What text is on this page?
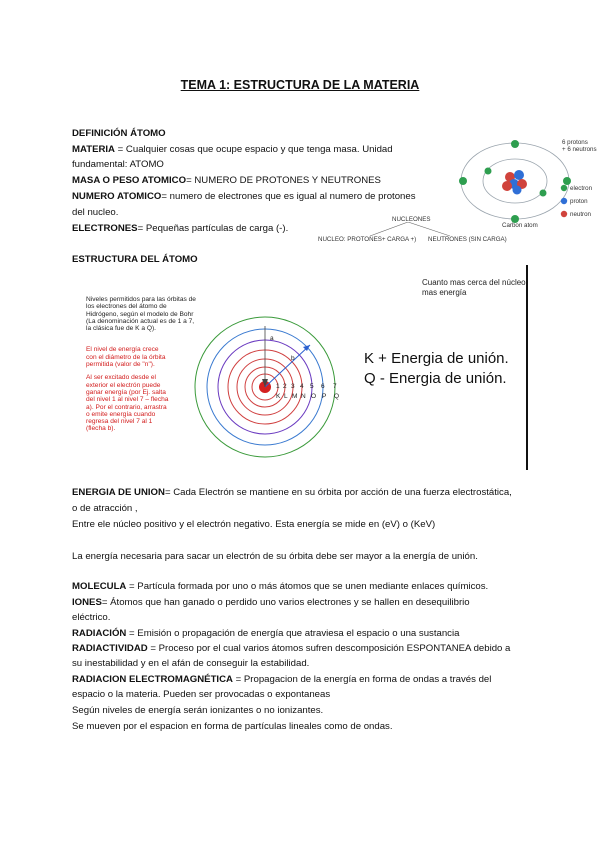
TEMA 1: ESTRUCTURA DE LA MATERIA
DEFINICIÓN ÁTOMO
MATERIA = Cualquier cosas que ocupe espacio y que tenga masa. Unidad
fundamental: ATOMO
MASA O PESO ATOMICO= NUMERO DE PROTONES Y NEUTRONES
NUMERO ATOMICO= numero de electrones que es igual al numero de protones
del nucleo.
ELECTRONES= Pequeñas partículas de carga (-).
NUCLEONES
NUCLEO: PROTONES+ CARGA +) NEUTRONES (SIN CARGA)
6 protons
+ 6 neutrons
electron
proton
neutron
Carbon atom
ESTRUCTURA DEL ÁTOMO
Niveles permitidos para las órbitas de
los electrones del átomo de
Hidrógeno, según el modelo de Bohr
(La denominación actual es de 1 a 7,
la clásica fue de K a Q).
El nivel de energía crece
con el diámetro de la órbita
permitida (valor de "n").
Al ser excitado desde el
exterior el electrón puede
ganar energía (por Ej. salta
del nivel 1 al nivel 7 – flecha
a). Por el contrario, arrastra
o emite energía cuando
regresa del nivel 7 al 1
(flecha b).
a
b
1 2 3 4 5 6 7
K L M N O P Q
Cuanto mas cerca del núcleo
mas energía
K + Energia de unión.
Q - Energia de unión.
ENERGIA DE UNION= Cada Electrón se mantiene en su órbita por acción de una fuerza electrostática,
o de atracción ,
Entre ele núcleo positivo y el electrón negativo. Esta energía se mide en (eV) o (KeV)
La energía necesaria para sacar un electrón de su órbita debe ser mayor a la energía de unión.
MOLECULA = Partícula formada por uno o más átomos que se unen mediante enlaces químicos.
IONES= Átomos que han ganado o perdido uno varios electrones y se hallen en desequilibrio
eléctrico.
RADIACIÓN = Emisión o propagación de energía que atraviesa el espacio o una sustancia
RADIACTIVIDAD = Proceso por el cual varios átomos sufren descomposición ESPONTANEA debido a
su inestabilidad y en el afán de conseguir la estabilidad.
RADIACION ELECTROMAGNÉTICA = Propagacion de la energía en forma de ondas a través del
espacio o la materia. Pueden ser provocadas o expontaneas
Según niveles de energía serán ionizantes o no ionizantes.
Se mueven por el espacion en forma de partículas lineales como de ondas.
